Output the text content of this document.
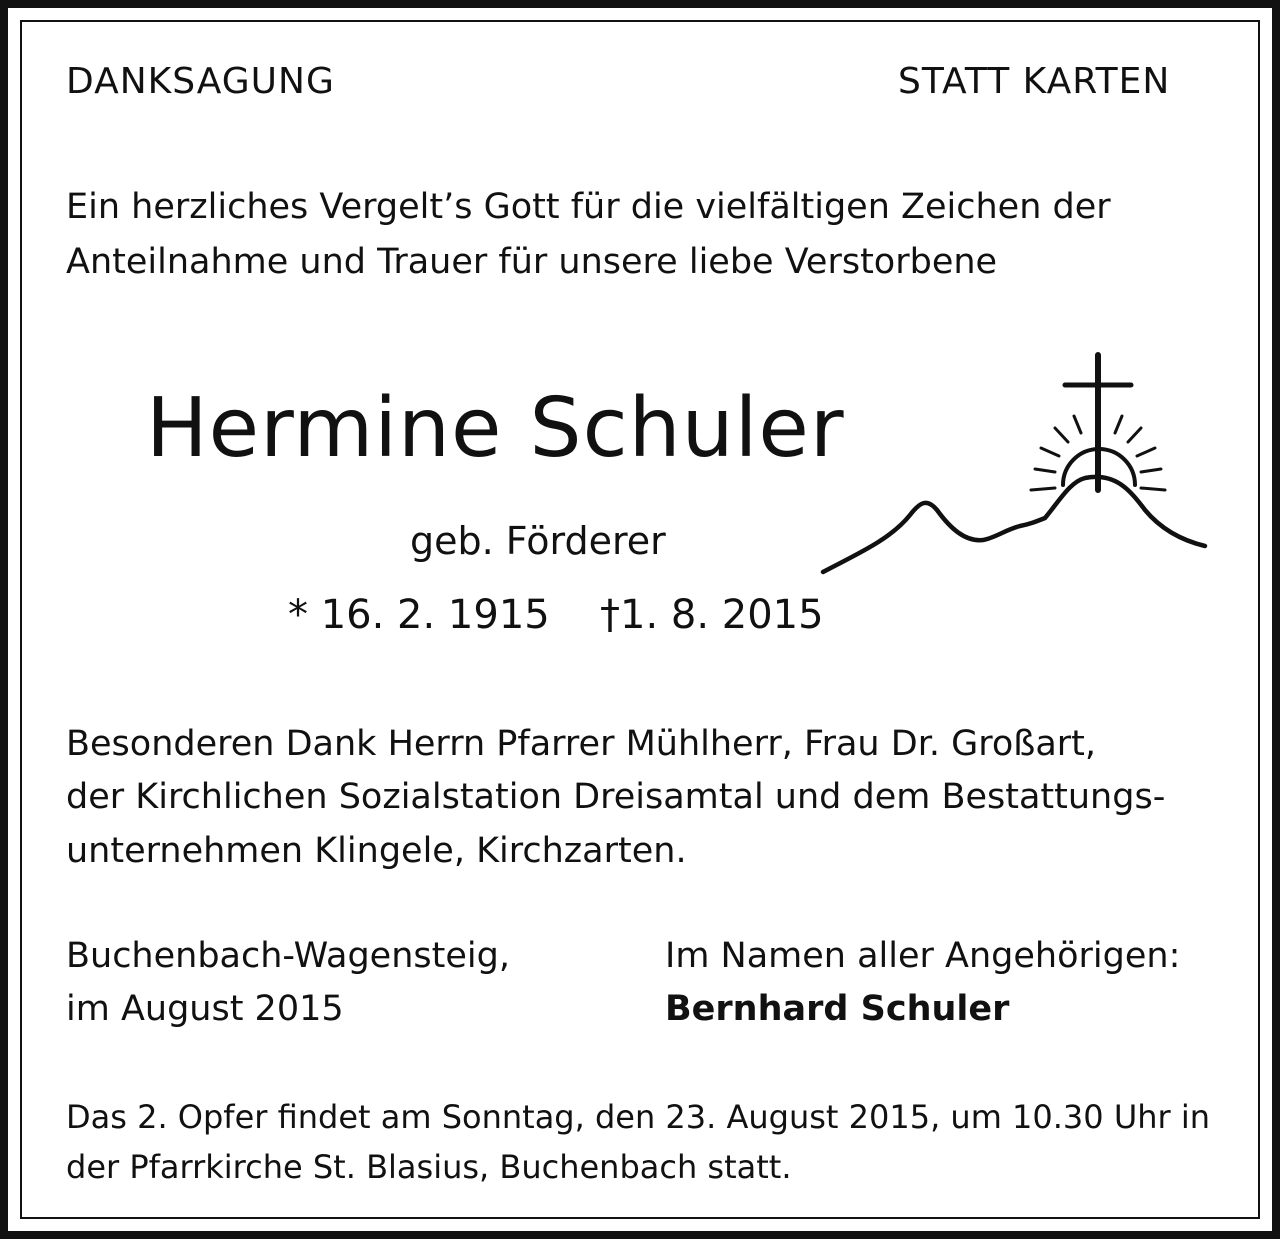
DANKSAGUNG	STATT KARTEN
Ein herzliches Vergelt’s Gott für die vielfältigen Zeichen der
Anteilnahme und Trauer für unsere liebe Verstorbene
Hermine Schuler
geb. Förderer
* 16. 2. 1915 †1. 8. 2015
Besonderen Dank Herrn Pfarrer Mühlherr, Frau Dr. Großart,
der Kirchlichen Sozialstation Dreisamtal und dem Bestattungs-
unternehmen Klingele, Kirchzarten.
Buchenbach-Wagensteig,
im August 2015
Im Namen aller Angehörigen:
Bernhard Schuler
Das 2. Opfer findet am Sonntag, den 23. August 2015, um 10.30 Uhr in
der Pfarrkirche St. Blasius, Buchenbach statt.
